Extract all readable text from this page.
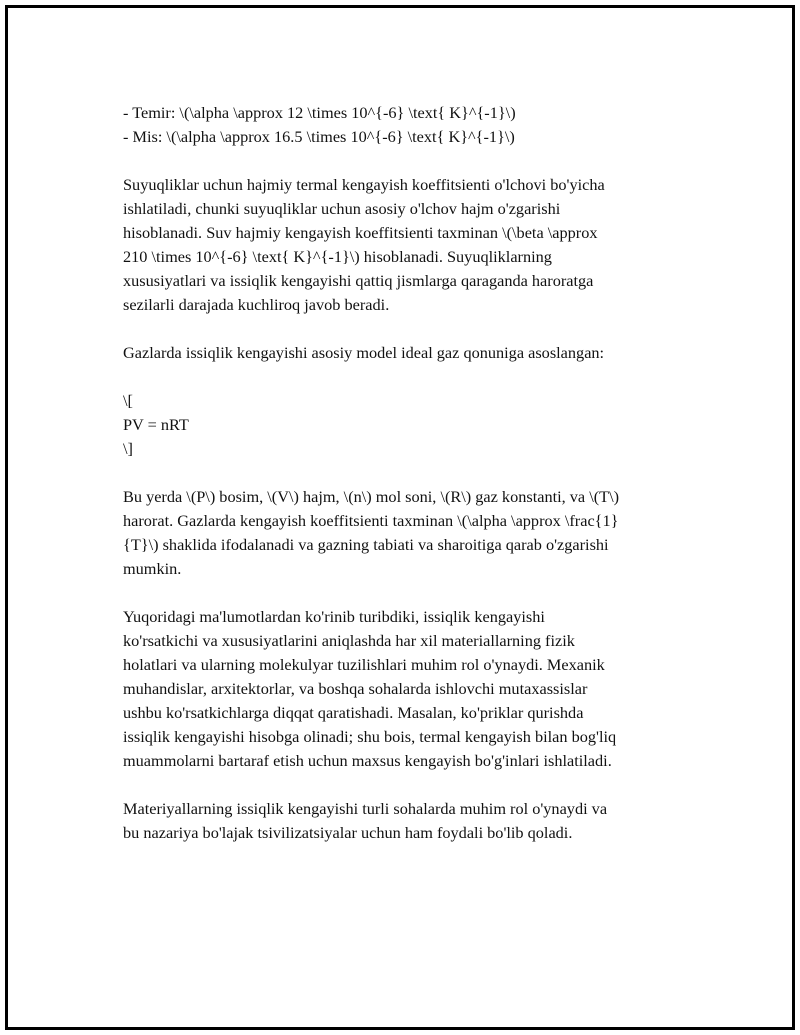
- Temir: \(\alpha \approx 12 \times 10^{-6} \text{ K}^{-1}\)

- Mis: \(\alpha \approx 16.5 \times 10^{-6} \text{ K}^{-1}\)

Suyuqliklar uchun hajmiy termal kengayish koeffitsienti o'lchovi bo'yicha

ishlatiladi, chunki suyuqliklar uchun asosiy o'lchov hajm o'zgarishi

hisoblanadi. Suv hajmiy kengayish koeffitsienti taxminan \(\beta \approx

210 \times 10^{-6} \text{ K}^{-1}\) hisoblanadi. Suyuqliklarning

xususiyatlari va issiqlik kengayishi qattiq jismlarga qaraganda haroratga

sezilarli darajada kuchliroq javob beradi.

Gazlarda issiqlik kengayishi asosiy model ideal gaz qonuniga asoslangan:

\[

PV = nRT

\]

Bu yerda \(P\) bosim, \(V\) hajm, \(n\) mol soni, \(R\) gaz konstanti, va \(T\)

harorat. Gazlarda kengayish koeffitsienti taxminan \(\alpha \approx \frac{1}

{T}\) shaklida ifodalanadi va gazning tabiati va sharoitiga qarab o'zgarishi

mumkin.

Yuqoridagi ma'lumotlardan ko'rinib turibdiki, issiqlik kengayishi

ko'rsatkichi va xususiyatlarini aniqlashda har xil materiallarning fizik

holatlari va ularning molekulyar tuzilishlari muhim rol o'ynaydi. Mexanik

muhandislar, arxitektorlar, va boshqa sohalarda ishlovchi mutaxassislar

ushbu ko'rsatkichlarga diqqat qaratishadi. Masalan, ko'priklar qurishda

issiqlik kengayishi hisobga olinadi; shu bois, termal kengayish bilan bog'liq

muammolarni bartaraf etish uchun maxsus kengayish bo'g'inlari ishlatiladi.

Materiyallarning issiqlik kengayishi turli sohalarda muhim rol o'ynaydi va

bu nazariya bo'lajak tsivilizatsiyalar uchun ham foydali bo'lib qoladi.
